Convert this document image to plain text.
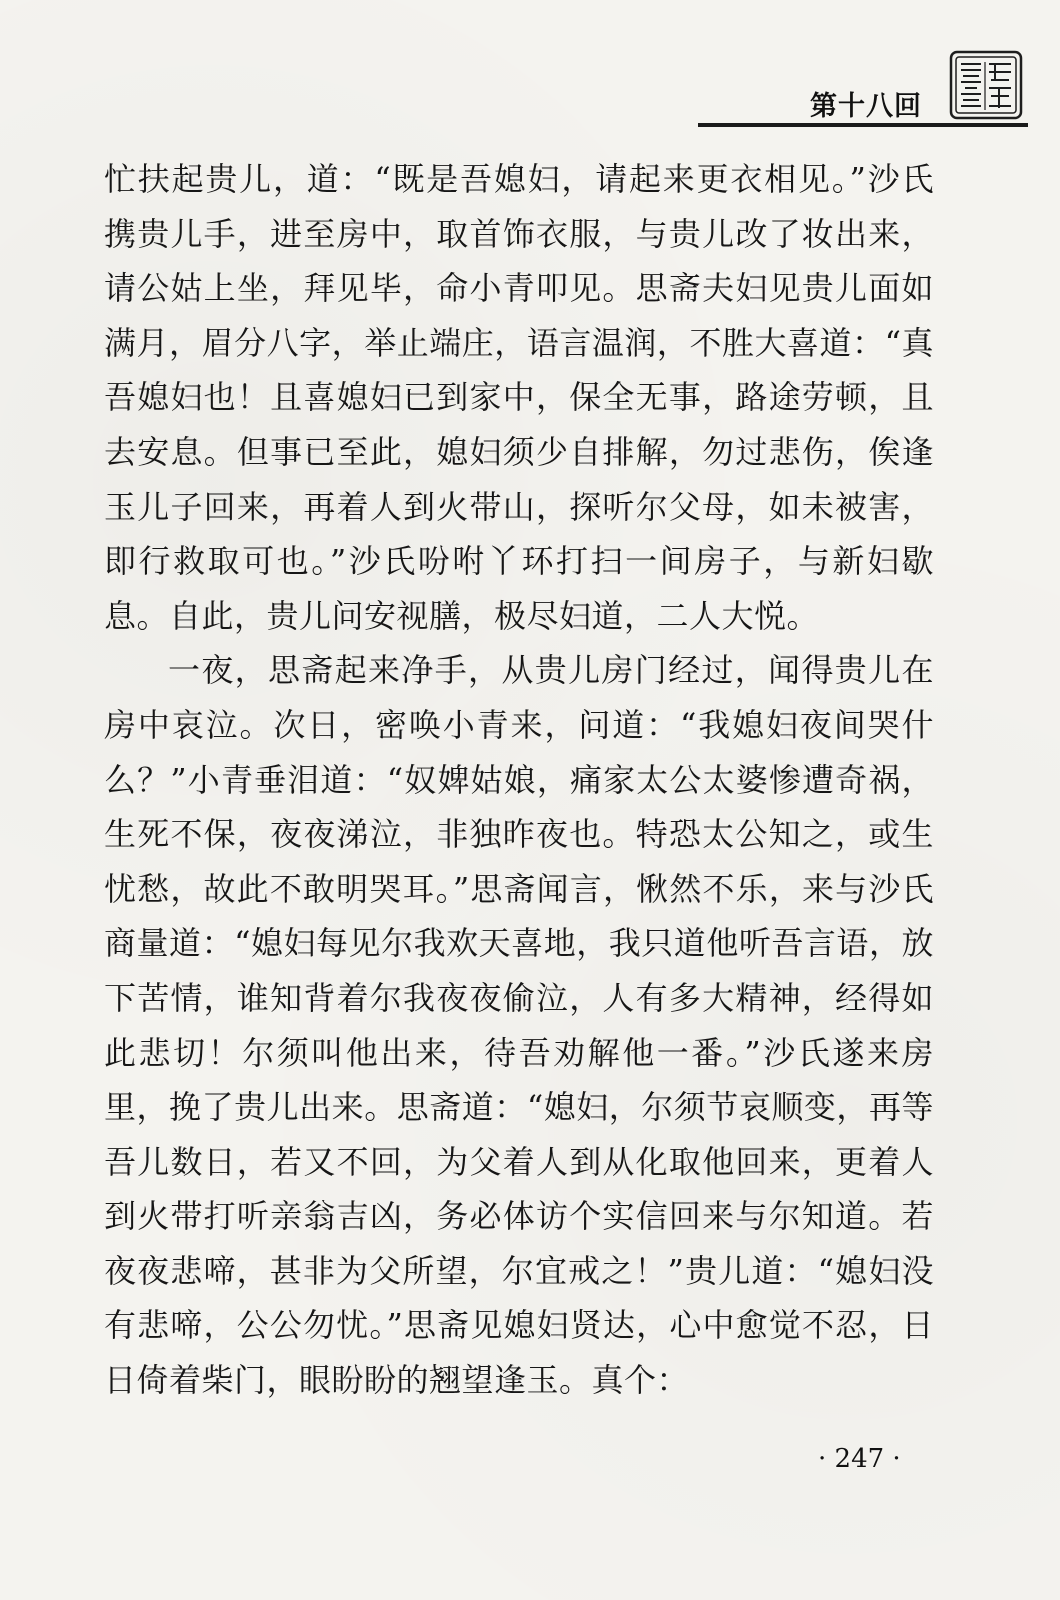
第十八回

忙扶起贵儿，道：“既是吾媳妇，请起来更衣相见。”沙氏携贵儿手，进至房中，取首饰衣服，与贵儿改了妆出来，请公姑上坐，拜见毕，命小青叩见。思斋夫妇见贵儿面如满月，眉分八字，举止端庄，语言温润，不胜大喜道：“真吾媳妇也！且喜媳妇已到家中，保全无事，路途劳顿，且去安息。但事已至此，媳妇须少自排解，勿过悲伤，俟逢玉儿子回来，再着人到火带山，探听尔父母，如未被害，即行救取可也。”沙氏吩咐丫环打扫一间房子，与新妇歇息。自此，贵儿问安视膳，极尽妇道，二人大悦。

一夜，思斋起来净手，从贵儿房门经过，闻得贵儿在房中哀泣。次日，密唤小青来，问道：“我媳妇夜间哭什么？”小青垂泪道：“奴婢姑娘，痛家太公太婆惨遭奇祸，生死不保，夜夜涕泣，非独昨夜也。特恐太公知之，或生忧愁，故此不敢明哭耳。”思斋闻言，愀然不乐，来与沙氏商量道：“媳妇每见尔我欢天喜地，我只道他听吾言语，放下苦情，谁知背着尔我夜夜偷泣，人有多大精神，经得如此悲切！尔须叫他出来，待吾劝解他一番。”沙氏遂来房里，挽了贵儿出来。思斋道：“媳妇，尔须节哀顺变，再等吾儿数日，若又不回，为父着人到从化取他回来，更着人到火带打听亲翁吉凶，务必体访个实信回来与尔知道。若夜夜悲啼，甚非为父所望，尔宜戒之！”贵儿道：“媳妇没有悲啼，公公勿忧。”思斋见媳妇贤达，心中愈觉不忍，日日倚着柴门，眼盼盼的翘望逢玉。真个：

· 247 ·
